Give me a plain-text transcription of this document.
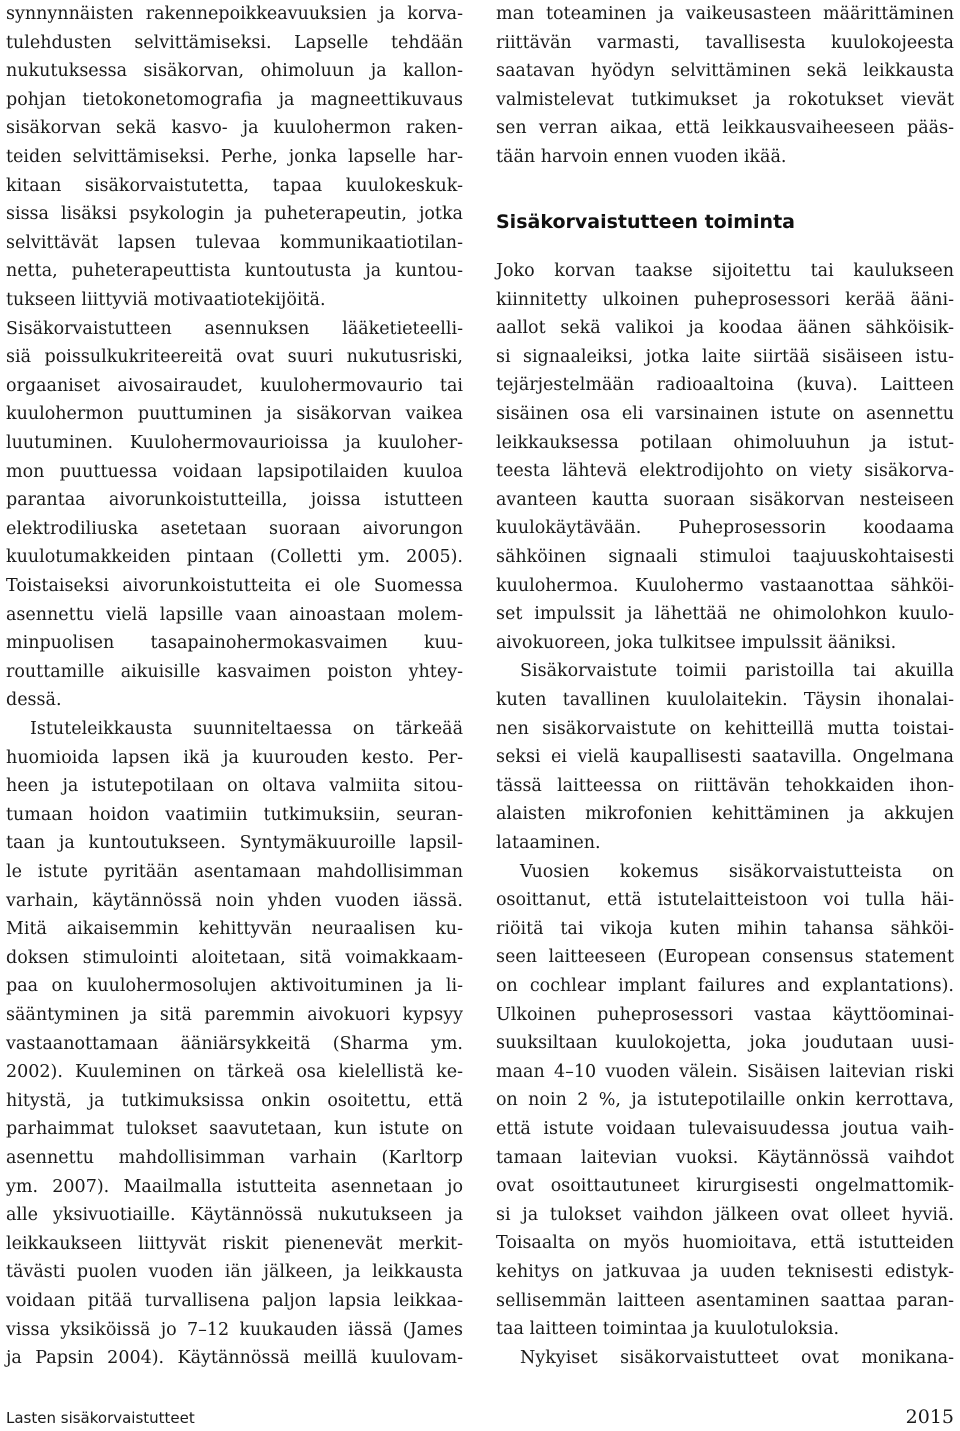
synnynnäisten rakennepoikkeavuuksien ja korva-
tulehdusten selvittämiseksi. Lapselle tehdään
nukutuksessa sisäkorvan, ohimoluun ja kallon-
pohjan tietokonetomografia ja magneettikuvaus
sisäkorvan sekä kasvo- ja kuulohermon raken-
teiden selvittämiseksi. Perhe, jonka lapselle har-
kitaan sisäkorvaistutetta, tapaa kuulokeskuk-
sissa lisäksi psykologin ja puheterapeutin, jotka
selvittävät lapsen tulevaa kommunikaatiotilan-
netta, puheterapeuttista kuntoutusta ja kuntou-
tukseen liittyviä motivaatiotekijöitä.
Sisäkorvaistutteen asennuksen lääketieteelli-
siä poissulkukriteereitä ovat suuri nukutusriski,
orgaaniset aivosairaudet, kuulohermovaurio tai
kuulohermon puuttuminen ja sisäkorvan vaikea
luutuminen. Kuulohermovaurioissa ja kuuloher-
mon puuttuessa voidaan lapsipotilaiden kuuloa
parantaa aivorunkoistutteilla, joissa istutteen
elektrodiliuska asetetaan suoraan aivorungon
kuulotumakkeiden pintaan (Colletti ym. 2005).
Toistaiseksi aivorunkoistutteita ei ole Suomessa
asennettu vielä lapsille vaan ainoastaan molem-
minpuolisen tasapainohermokasvaimen kuu-
routtamille aikuisille kasvaimen poiston yhtey-
dessä.
Istuteleikkausta suunniteltaessa on tärkeää
huomioida lapsen ikä ja kuurouden kesto. Per-
heen ja istutepotilaan on oltava valmiita sitou-
tumaan hoidon vaatimiin tutkimuksiin, seuran-
taan ja kuntoutukseen. Syntymäkuuroille lapsil-
le istute pyritään asentamaan mahdollisimman
varhain, käytännössä noin yhden vuoden iässä.
Mitä aikaisemmin kehittyvän neuraalisen ku-
doksen stimulointi aloitetaan, sitä voimakkaam-
paa on kuulohermosolujen aktivoituminen ja li-
sääntyminen ja sitä paremmin aivokuori kypsyy
vastaanottamaan ääniärsykkeitä (Sharma ym.
2002). Kuuleminen on tärkeä osa kielellistä ke-
hitystä, ja tutkimuksissa onkin osoitettu, että
parhaimmat tulokset saavutetaan, kun istute on
asennettu mahdollisimman varhain (Karltorp
ym. 2007). Maailmalla istutteita asennetaan jo
alle yksivuotiaille. Käytännössä nukutukseen ja
leikkaukseen liittyvät riskit pienenevät merkit-
tävästi puolen vuoden iän jälkeen, ja leikkausta
voidaan pitää turvallisena paljon lapsia leikkaa-
vissa yksiköissä jo 7–12 kuukauden iässä (James
ja Papsin 2004). Käytännössä meillä kuulovam-
Sisäkorvaistutteen toiminta
man toteaminen ja vaikeusasteen määrittäminen
riittävän varmasti, tavallisesta kuulokojeesta
saatavan hyödyn selvittäminen sekä leikkausta
valmistelevat tutkimukset ja rokotukset vievät
sen verran aikaa, että leikkausvaiheeseen pääs-
tään harvoin ennen vuoden ikää.
Joko korvan taakse sijoitettu tai kaulukseen
kiinnitetty ulkoinen puheprosessori kerää ääni-
aallot sekä valikoi ja koodaa äänen sähköisik-
si signaaleiksi, jotka laite siirtää sisäiseen istu-
tejärjestelmään radioaaltoina (kuva). Laitteen
sisäinen osa eli varsinainen istute on asennettu
leikkauksessa potilaan ohimoluuhun ja istut-
teesta lähtevä elektrodijohto on viety sisäkorva-
avanteen kautta suoraan sisäkorvan nesteiseen
kuulokäytävään. Puheprosessorin koodaama
sähköinen signaali stimuloi taajuuskohtaisesti
kuulohermoa. Kuulohermo vastaanottaa sähköi-
set impulssit ja lähettää ne ohimolohkon kuulo-
aivokuoreen, joka tulkitsee impulssit ääniksi.
Sisäkorvaistute toimii paristoilla tai akuilla
kuten tavallinen kuulolaitekin. Täysin ihonalai-
nen sisäkorvaistute on kehitteillä mutta toistai-
seksi ei vielä kaupallisesti saatavilla. Ongelmana
tässä laitteessa on riittävän tehokkaiden ihon-
alaisten mikrofonien kehittäminen ja akkujen
lataaminen.
Vuosien kokemus sisäkorvaistutteista on
osoittanut, että istutelaitteistoon voi tulla häi-
riöitä tai vikoja kuten mihin tahansa sähköi-
seen laitteeseen (European consensus statement
on cochlear implant failures and explantations).
Ulkoinen puheprosessori vastaa käyttöominai-
suuksiltaan kuulokojetta, joka joudutaan uusi-
maan 4–10 vuoden välein. Sisäisen laitevian riski
on noin 2 %, ja istutepotilaille onkin kerrottava,
että istute voidaan tulevaisuudessa joutua vaih-
tamaan laitevian vuoksi. Käytännössä vaihdot
ovat osoittautuneet kirurgisesti ongelmattomik-
si ja tulokset vaihdon jälkeen ovat olleet hyviä.
Toisaalta on myös huomioitava, että istutteiden
kehitys on jatkuvaa ja uuden teknisesti edistyk-
sellisemmän laitteen asentaminen saattaa paran-
taa laitteen toimintaa ja kuulotuloksia.
Nykyiset sisäkorvaistutteet ovat monikana-
Lasten sisäkorvaistutteet	2015
